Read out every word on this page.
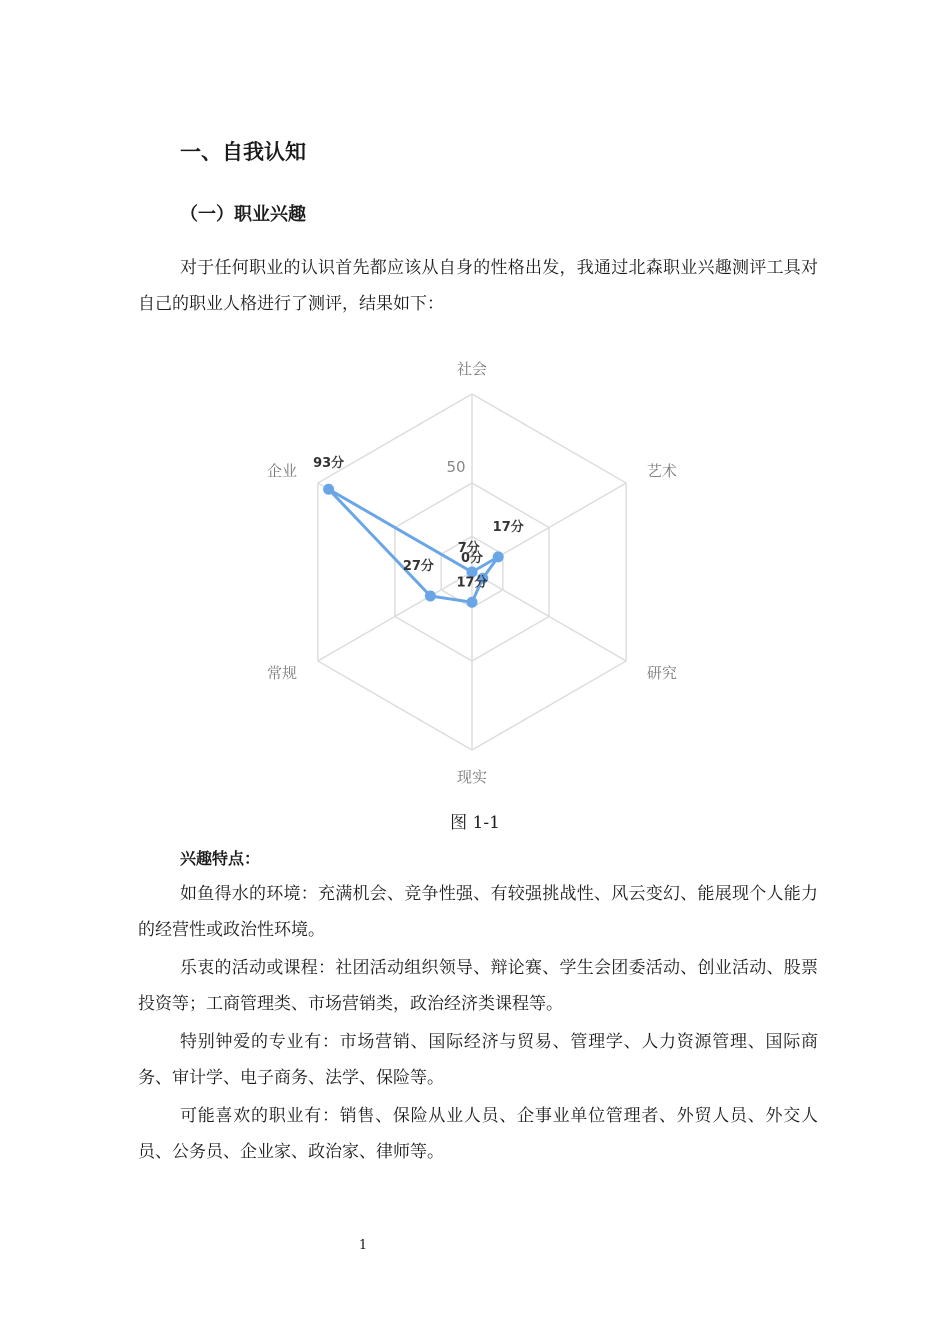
一、自我认知
（一）职业兴趣

对于任何职业的认识首先都应该从自身的性格出发，我通过北森职业兴趣测评工具对自己的职业人格进行了测评，结果如下：

社会
艺术
研究
现实
常规
企业	50
0分
17分
7分
17分
27分
93分
图 1-1
兴趣特点：

如鱼得水的环境：充满机会、竞争性强、有较强挑战性、风云变幻、能展现个人能力的经营性或政治性环境。

乐衷的活动或课程：社团活动组织领导、辩论赛、学生会团委活动、创业活动、股票投资等；工商管理类、市场营销类，政治经济类课程等。

特别钟爱的专业有：市场营销、国际经济与贸易、管理学、人力资源管理、国际商务、审计学、电子商务、法学、保险等。

可能喜欢的职业有：销售、保险从业人员、企事业单位管理者、外贸人员、外交人员、公务员、企业家、政治家、律师等。

1
